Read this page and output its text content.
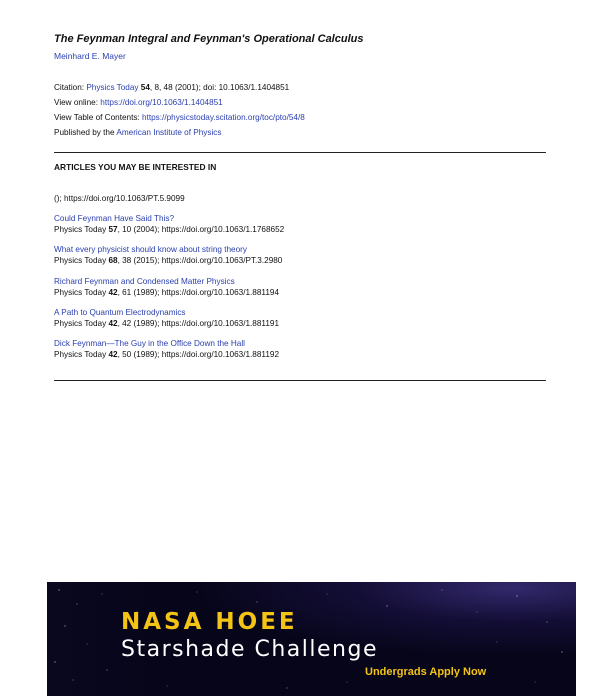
The Feynman Integral and Feynman's Operational Calculus
Meinhard E. Mayer
Citation: Physics Today 54, 8, 48 (2001); doi: 10.1063/1.1404851
View online: https://doi.org/10.1063/1.1404851
View Table of Contents: https://physicstoday.scitation.org/toc/pto/54/8
Published by the American Institute of Physics
ARTICLES YOU MAY BE INTERESTED IN
(); https://doi.org/10.1063/PT.5.9099
Could Feynman Have Said This?
Physics Today 57, 10 (2004); https://doi.org/10.1063/1.1768652
What every physicist should know about string theory
Physics Today 68, 38 (2015); https://doi.org/10.1063/PT.3.2980
Richard Feynman and Condensed Matter Physics
Physics Today 42, 61 (1989); https://doi.org/10.1063/1.881194
A Path to Quantum Electrodynamics
Physics Today 42, 42 (1989); https://doi.org/10.1063/1.881191
Dick Feynman—The Guy in the Office Down the Hall
Physics Today 42, 50 (1989); https://doi.org/10.1063/1.881192
NASA HOEE
Starshade Challenge
Undergrads Apply Now
